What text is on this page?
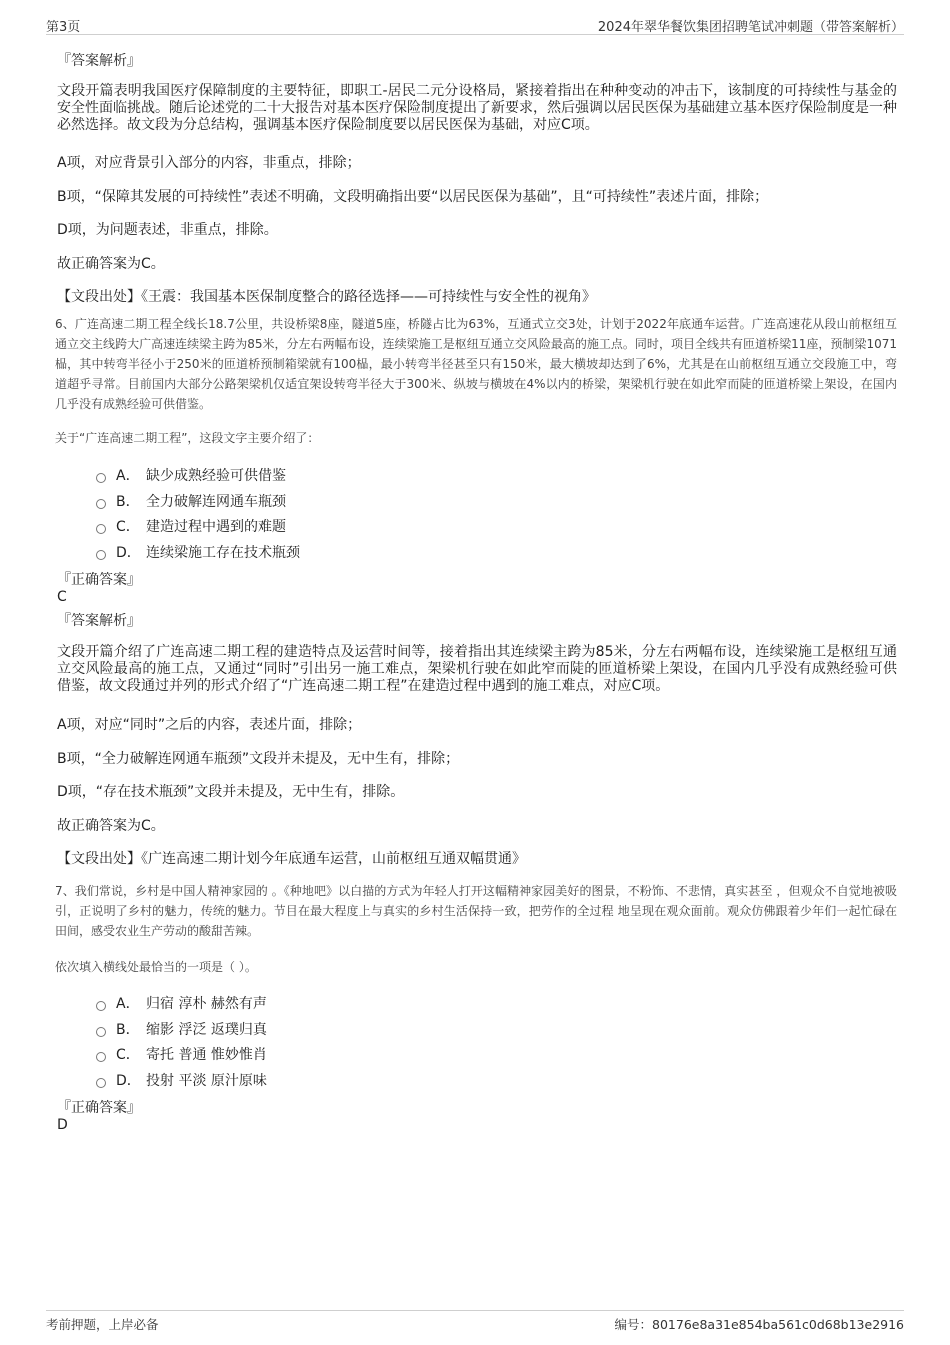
第3页	2024年翠华餐饮集团招聘笔试冲刺题（带答案解析）
『答案解析』
文段开篇表明我国医疗保障制度的主要特征，即职工-居民二元分设格局，紧接着指出在种种变动的冲击下，该制度的可持续性与基金的安全性面临挑战。随后论述党的二十大报告对基本医疗保险制度提出了新要求，然后强调以居民医保为基础建立基本医疗保险制度是一种必然选择。故文段为分总结构，强调基本医疗保险制度要以居民医保为基础，对应C项。
A项，对应背景引入部分的内容，非重点，排除；
B项，“保障其发展的可持续性”表述不明确，文段明确指出要“以居民医保为基础”，且“可持续性”表述片面，排除；
D项，为问题表述，非重点，排除。
故正确答案为C。
【文段出处】《王震：我国基本医保制度整合的路径选择——可持续性与安全性的视角》
6、广连高速二期工程全线长18.7公里，共设桥梁8座，隧道5座，桥隧占比为63%，互通式立交3处，计划于2022年底通车运营。广连高速花从段山前枢纽互通立交主线跨大广高速连续梁主跨为85米，分左右两幅布设，连续梁施工是枢纽互通立交风险最高的施工点。同时，项目全线共有匝道桥梁11座，预制梁1071榀，其中转弯半径小于250米的匝道桥预制箱梁就有100榀，最小转弯半径甚至只有150米，最大横坡却达到了6%，尤其是在山前枢纽互通立交段施工中，弯道超乎寻常。目前国内大部分公路架梁机仅适宜架设转弯半径大于300米、纵坡与横坡在4%以内的桥梁，架梁机行驶在如此窄而陡的匝道桥梁上架设，在国内几乎没有成熟经验可供借鉴。
关于“广连高速二期工程”，这段文字主要介绍了：
A． 缺少成熟经验可供借鉴
B． 全力破解连网通车瓶颈
C． 建造过程中遇到的难题
D． 连续梁施工存在技术瓶颈
『正确答案』
C
『答案解析』
文段开篇介绍了广连高速二期工程的建造特点及运营时间等，接着指出其连续梁主跨为85米，分左右两幅布设，连续梁施工是枢纽互通立交风险最高的施工点，又通过“同时”引出另一施工难点，架梁机行驶在如此窄而陡的匝道桥梁上架设，在国内几乎没有成熟经验可供借鉴，故文段通过并列的形式介绍了“广连高速二期工程”在建造过程中遇到的施工难点，对应C项。
A项，对应“同时”之后的内容，表述片面，排除；
B项，“全力破解连网通车瓶颈”文段并未提及，无中生有，排除；
D项，“存在技术瓶颈”文段并未提及，无中生有，排除。
故正确答案为C。
【文段出处】《广连高速二期计划今年底通车运营，山前枢纽互通双幅贯通》
7、我们常说，乡村是中国人精神家园的 。《种地吧》以白描的方式为年轻人打开这幅精神家园美好的图景，不粉饰、不悲情，真实甚至 ，但观众不自觉地被吸引，正说明了乡村的魅力，传统的魅力。节目在最大程度上与真实的乡村生活保持一致，把劳作的全过程 地呈现在观众面前。观众仿佛跟着少年们一起忙碌在田间，感受农业生产劳动的酸甜苦辣。
依次填入横线处最恰当的一项是（ ）。
A． 归宿 淳朴 赫然有声
B． 缩影 浮泛 返璞归真
C． 寄托 普通 惟妙惟肖
D． 投射 平淡 原汁原味
『正确答案』
D
考前押题，上岸必备	编号：80176e8a31e854ba561c0d68b13e2916
